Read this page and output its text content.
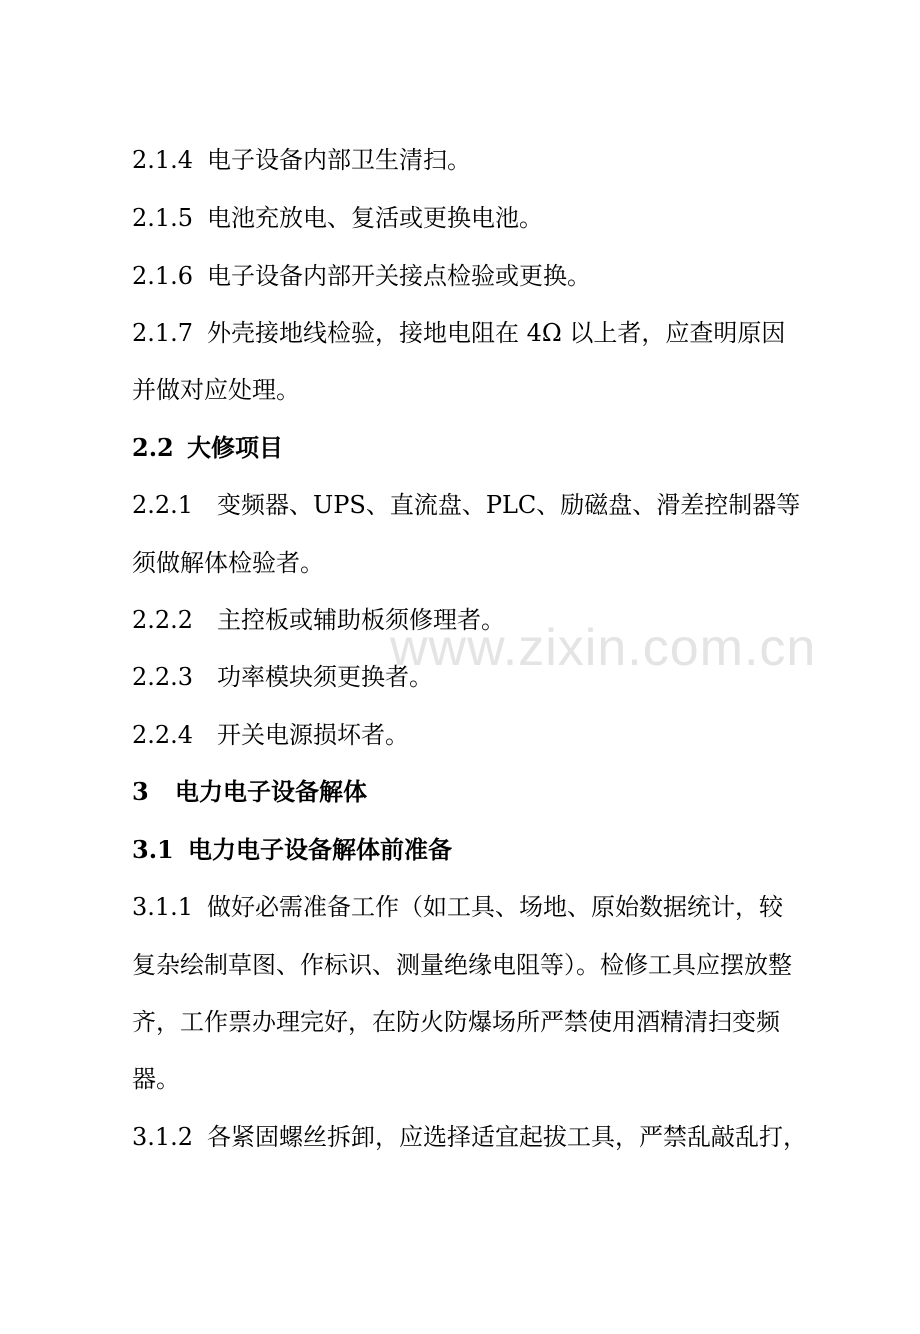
www.zixin.com.cn
2.1.4 电子设备内部卫生清扫。
2.1.5 电池充放电、复活或更换电池。
2.1.6 电子设备内部开关接点检验或更换。
2.1.7 外壳接地线检验，接地电阻在 4Ω 以上者，应查明原因
并做对应处理。
2.2 大修项目
2.2.1 变频器、UPS、直流盘、PLC、励磁盘、滑差控制器等
须做解体检验者。
2.2.2 主控板或辅助板须修理者。
2.2.3 功率模块须更换者。
2.2.4 开关电源损坏者。
3 电力电子设备解体
3.1 电力电子设备解体前准备
3.1.1 做好必需准备工作（如工具、场地、原始数据统计，较
复杂绘制草图、作标识、测量绝缘电阻等）。检修工具应摆放整
齐，工作票办理完好，在防火防爆场所严禁使用酒精清扫变频
器。
3.1.2 各紧固螺丝拆卸，应选择适宜起拔工具，严禁乱敲乱打，
